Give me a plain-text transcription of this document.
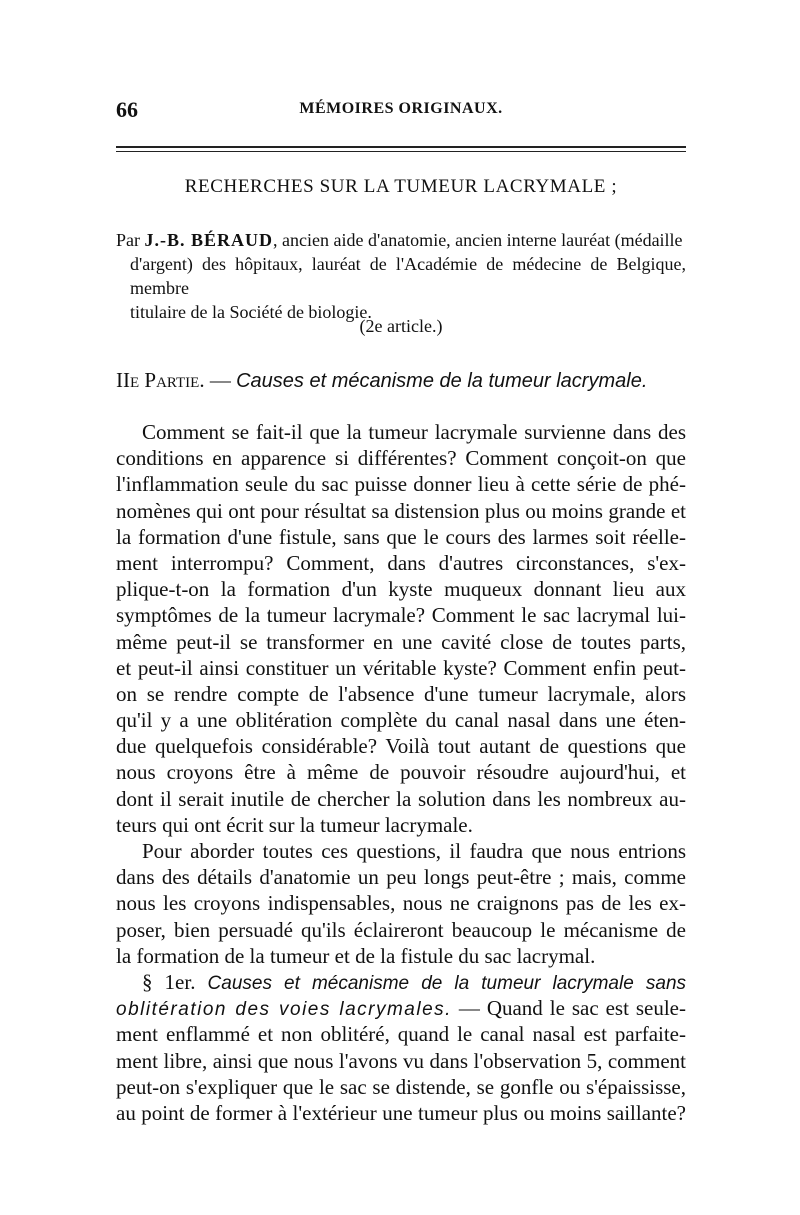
66	MÉMOIRES ORIGINAUX.
RECHERCHES SUR LA TUMEUR LACRYMALE ;
Par J.-B. BÉRAUD, ancien aide d'anatomie, ancien interne lauréat (médaille
d'argent) des hôpitaux, lauréat de l'Académie de médecine de Belgique, membre
titulaire de la Société de biologie.
(2e article.)
IIe Partie. — Causes et mécanisme de la tumeur lacrymale.
Comment se fait-il que la tumeur lacrymale survienne dans des
conditions en apparence si différentes? Comment conçoit-on que
l'inflammation seule du sac puisse donner lieu à cette série de phé-
nomènes qui ont pour résultat sa distension plus ou moins grande et
la formation d'une fistule, sans que le cours des larmes soit réelle-
ment interrompu? Comment, dans d'autres circonstances, s'ex-
plique-t-on la formation d'un kyste muqueux donnant lieu aux
symptômes de la tumeur lacrymale? Comment le sac lacrymal lui-
même peut-il se transformer en une cavité close de toutes parts,
et peut-il ainsi constituer un véritable kyste? Comment enfin peut-
on se rendre compte de l'absence d'une tumeur lacrymale, alors
qu'il y a une oblitération complète du canal nasal dans une éten-
due quelquefois considérable? Voilà tout autant de questions que
nous croyons être à même de pouvoir résoudre aujourd'hui, et
dont il serait inutile de chercher la solution dans les nombreux au-
teurs qui ont écrit sur la tumeur lacrymale.
Pour aborder toutes ces questions, il faudra que nous entrions
dans des détails d'anatomie un peu longs peut-être ; mais, comme
nous les croyons indispensables, nous ne craignons pas de les ex-
poser, bien persuadé qu'ils éclaireront beaucoup le mécanisme de
la formation de la tumeur et de la fistule du sac lacrymal.
§ 1er. Causes et mécanisme de la tumeur lacrymale sans
oblitération des voies lacrymales. — Quand le sac est seule-
ment enflammé et non oblitéré, quand le canal nasal est parfaite-
ment libre, ainsi que nous l'avons vu dans l'observation 5, comment
peut-on s'expliquer que le sac se distende, se gonfle ou s'épaississe,
au point de former à l'extérieur une tumeur plus ou moins saillante?
